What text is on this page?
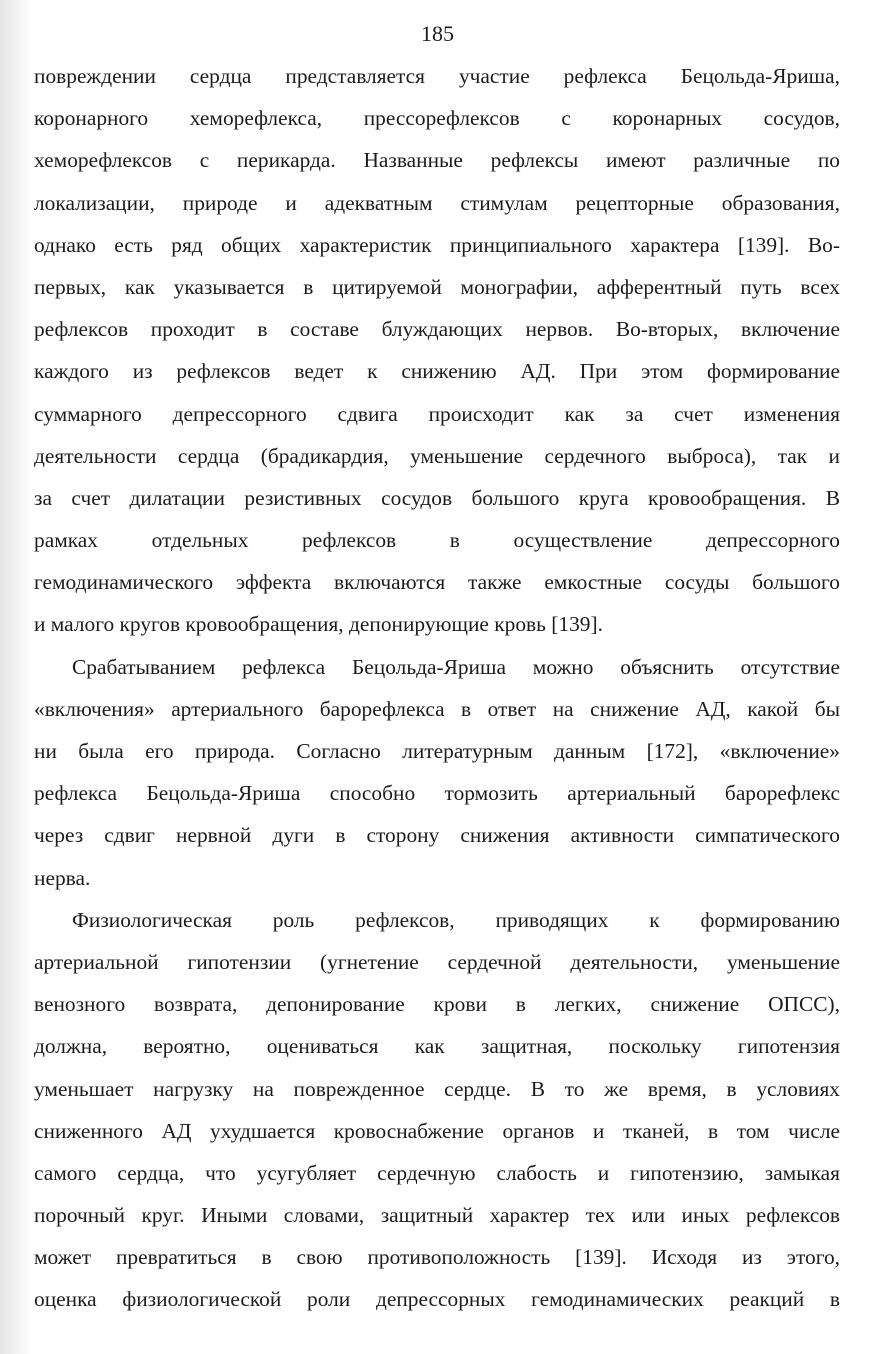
185
повреждении сердца представляется участие рефлекса Бецольда-Яриша,
коронарного хеморефлекса, прессорефлексов с коронарных сосудов,
хеморефлексов с перикарда. Названные рефлексы имеют различные по
локализации, природе и адекватным стимулам рецепторные образования,
однако есть ряд общих характеристик принципиального характера [139]. Во-
первых, как указывается в цитируемой монографии, афферентный путь всех
рефлексов проходит в составе блуждающих нервов. Во-вторых, включение
каждого из рефлексов ведет к снижению АД. При этом формирование
суммарного депрессорного сдвига происходит как за счет изменения
деятельности сердца (брадикардия, уменьшение сердечного выброса), так и
за счет дилатации резистивных сосудов большого круга кровообращения. В
рамках отдельных рефлексов в осуществление депрессорного
гемодинамического эффекта включаются также емкостные сосуды большого
и малого кругов кровообращения, депонирующие кровь [139].
Срабатыванием рефлекса Бецольда-Яриша можно объяснить отсутствие
«включения» артериального барорефлекса в ответ на снижение АД, какой бы
ни была его природа. Согласно литературным данным [172], «включение»
рефлекса Бецольда-Яриша способно тормозить артериальный барорефлекс
через сдвиг нервной дуги в сторону снижения активности симпатического
нерва.
Физиологическая роль рефлексов, приводящих к формированию
артериальной гипотензии (угнетение сердечной деятельности, уменьшение
венозного возврата, депонирование крови в легких, снижение ОПСС),
должна, вероятно, оцениваться как защитная, поскольку гипотензия
уменьшает нагрузку на поврежденное сердце. В то же время, в условиях
сниженного АД ухудшается кровоснабжение органов и тканей, в том числе
самого сердца, что усугубляет сердечную слабость и гипотензию, замыкая
порочный круг. Иными словами, защитный характер тех или иных рефлексов
может превратиться в свою противоположность [139]. Исходя из этого,
оценка физиологической роли депрессорных гемодинамических реакций в
